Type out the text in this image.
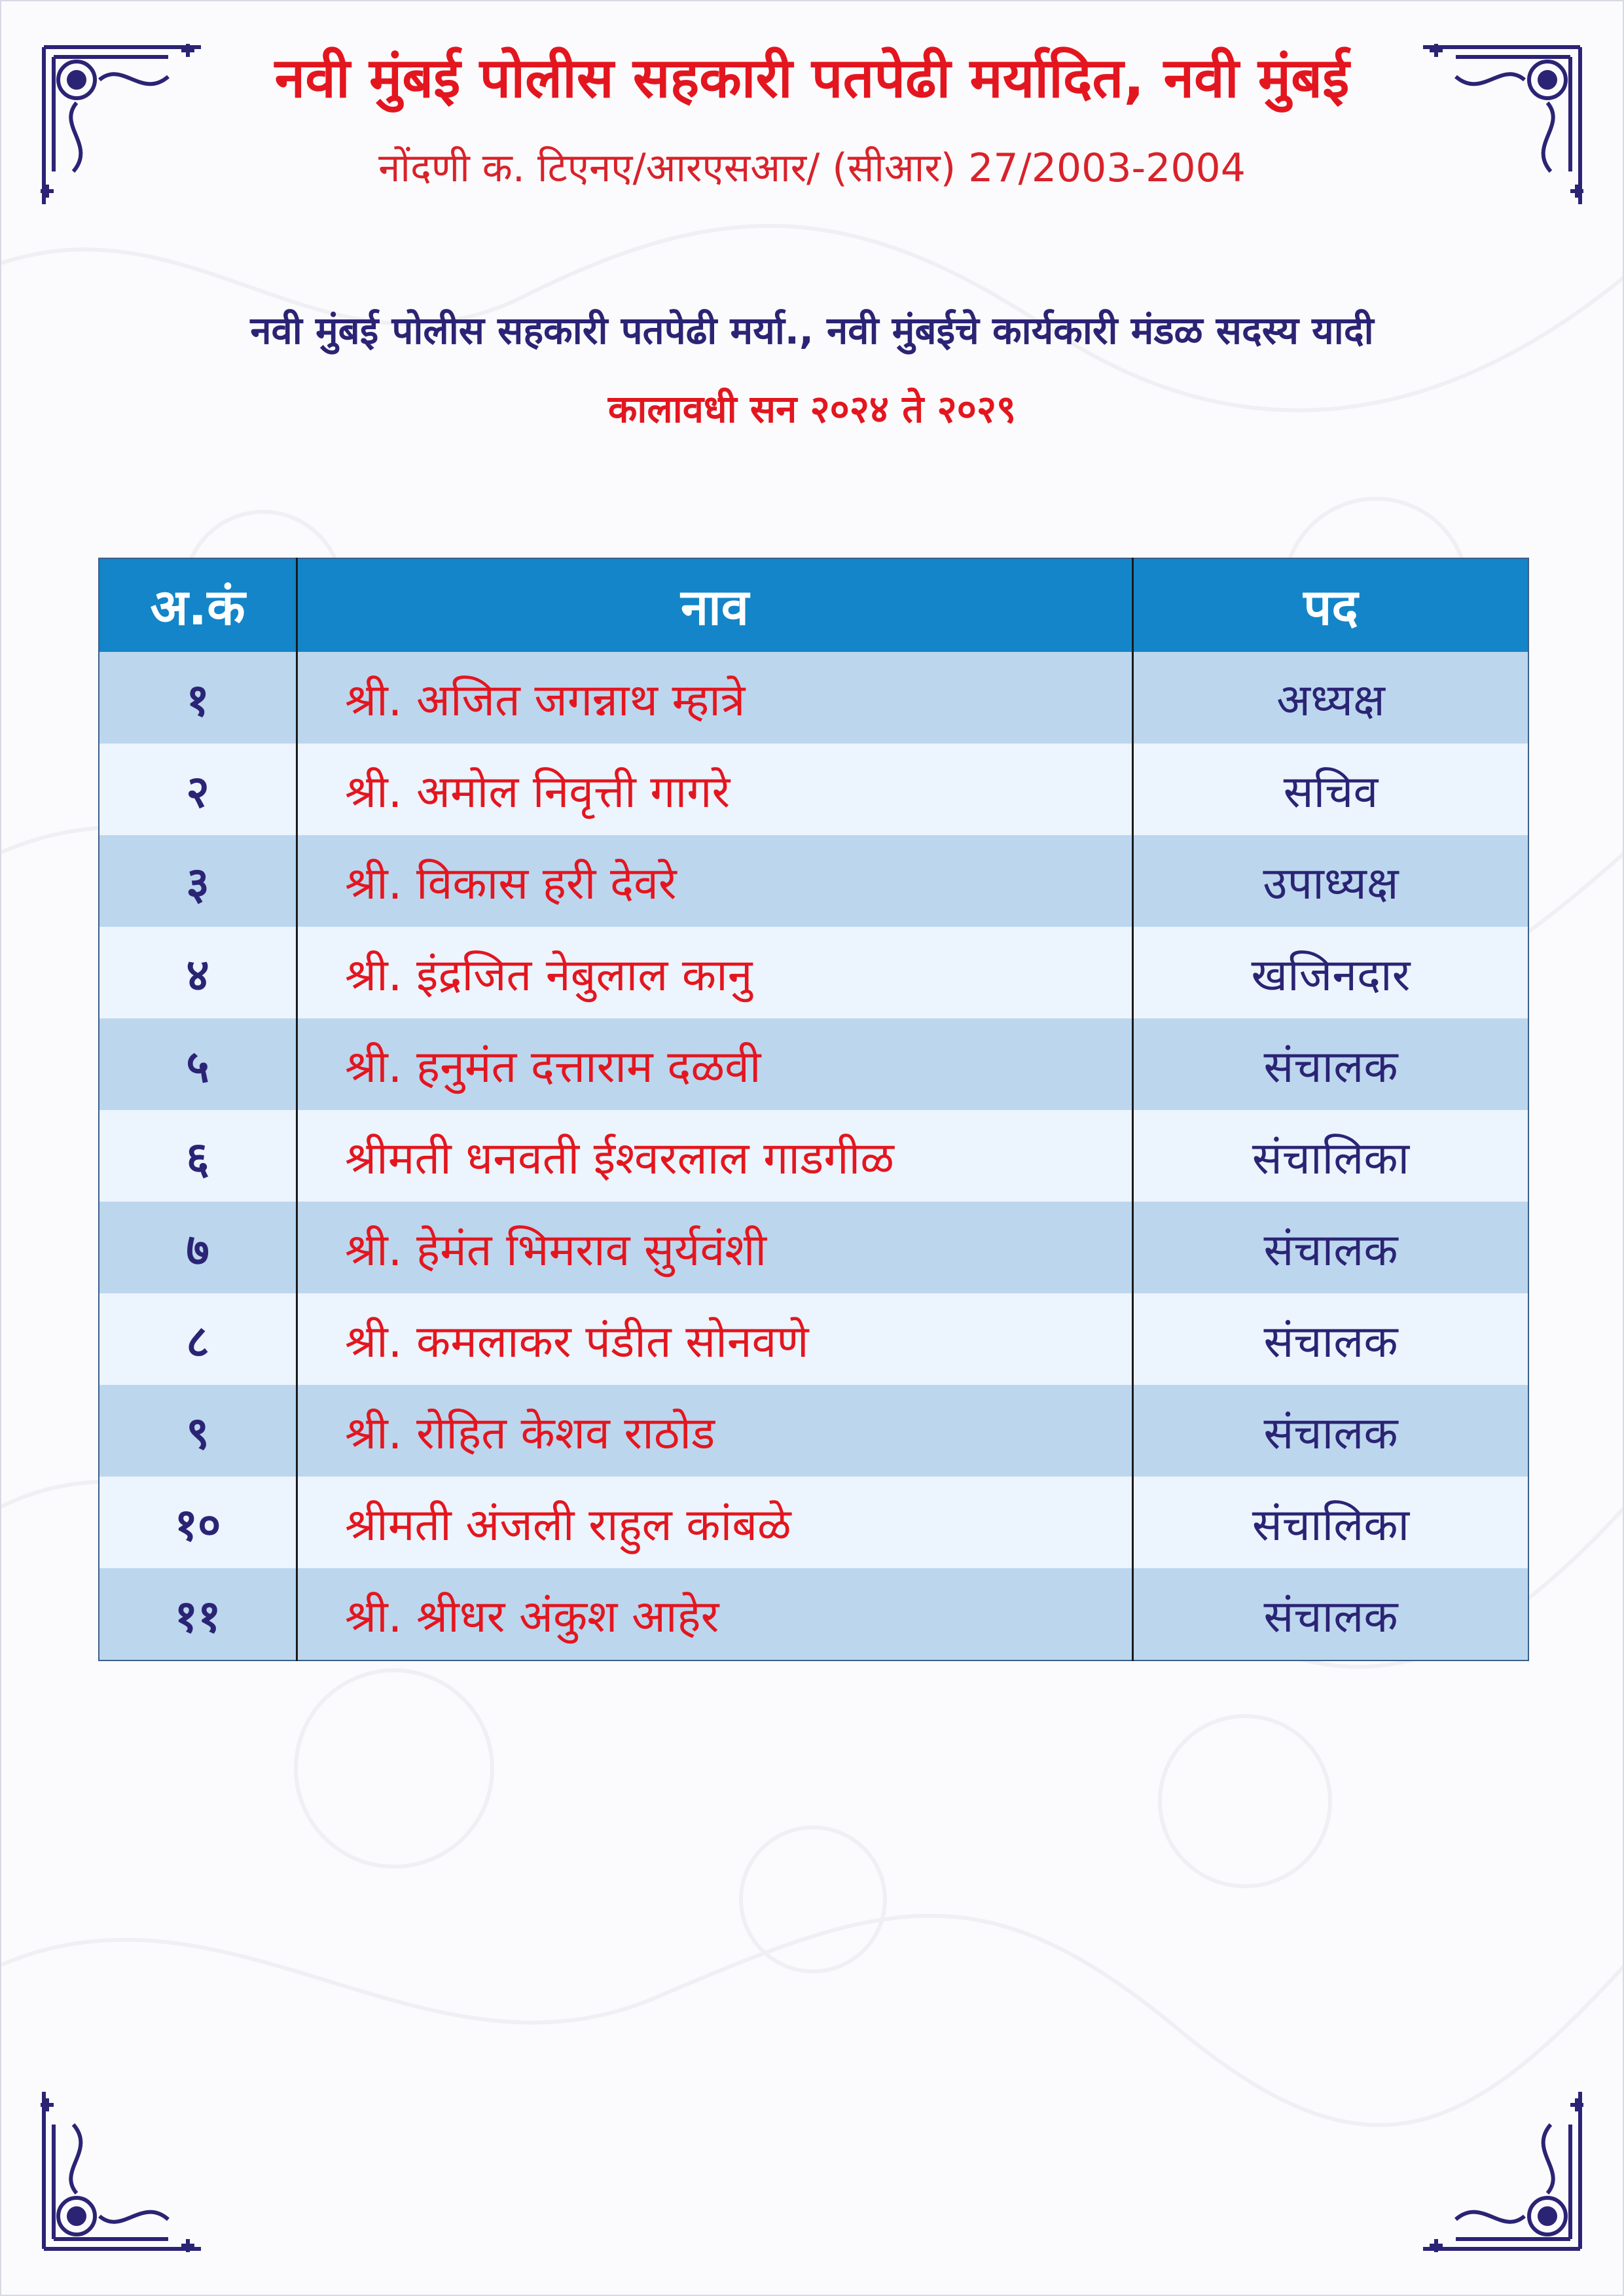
नवी मुंबई पोलीस सहकारी पतपेढी मर्यादित, नवी मुंबई
नोंदणी क. टिएनए/आरएसआर/ (सीआर) 27/2003-2004
नवी मुंबई पोलीस सहकारी पतपेढी मर्या., नवी मुंबईचे कार्यकारी मंडळ सदस्य यादी
कालावधी सन २०२४ ते २०२९
अ.कं	नाव	पद
१	श्री. अजित जगन्नाथ म्हात्रे	अध्यक्ष
२	श्री. अमोल निवृत्ती गागरे	सचिव
३	श्री. विकास हरी देवरे	उपाध्यक्ष
४	श्री. इंद्रजित नेबुलाल कानु	खजिनदार
५	श्री. हनुमंत दत्ताराम दळवी	संचालक
६	श्रीमती धनवती ईश्वरलाल गाडगीळ	संचालिका
७	श्री. हेमंत भिमराव सुर्यवंशी	संचालक
८	श्री. कमलाकर पंडीत सोनवणे	संचालक
९	श्री. रोहित केशव राठोड	संचालक
१०	श्रीमती अंजली राहुल कांबळे	संचालिका
११	श्री. श्रीधर अंकुश आहेर	संचालक
